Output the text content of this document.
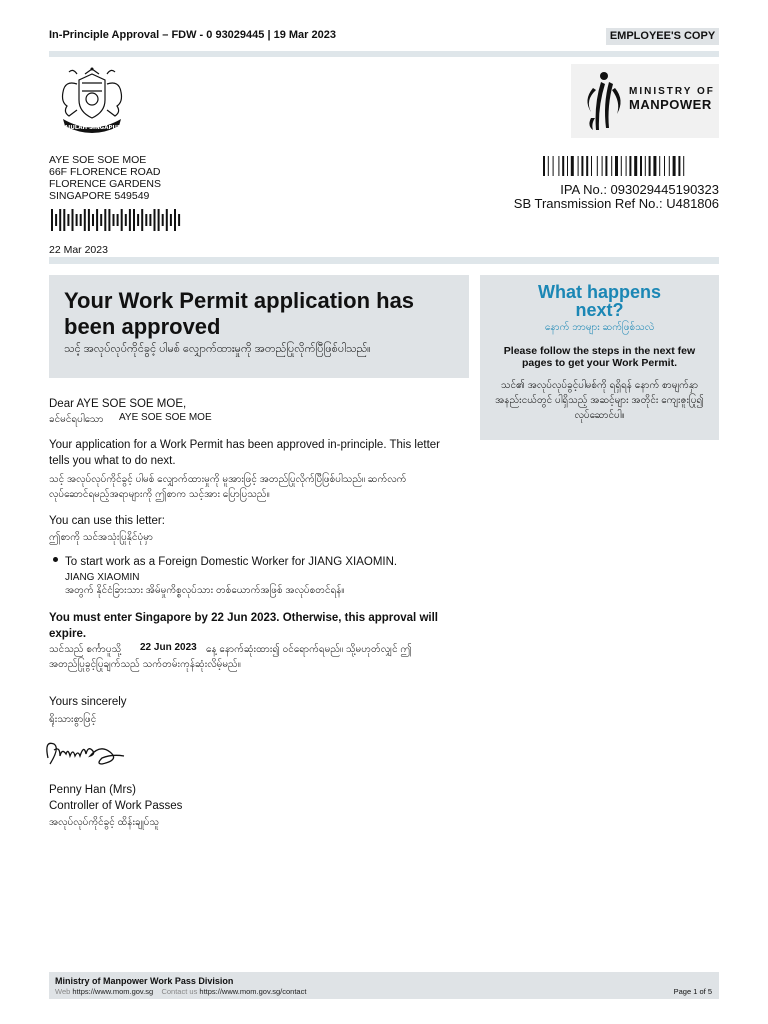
In-Principle Approval – FDW - 0 93029445 | 19 Mar 2023	EMPLOYEE'S COPY
MAJULAH SINGAPURA
MINISTRY OF
MANPOWER
AYE SOE SOE MOE
66F FLORENCE ROAD
FLORENCE GARDENS
SINGAPORE 549549
22 Mar 2023
IPA No.: 093029445190323
SB Transmission Ref No.: U481806
Your Work Permit application has been approved
သင့် အလုပ်လုပ်ကိုင်ခွင့် ပါမစ် လျှောက်ထားမှုကို အတည်ပြုလိုက်ပြီဖြစ်ပါသည်။
What happens next?
နောက် ဘာများ ဆက်ဖြစ်သလဲ
Please follow the steps in the next few pages to get your Work Permit.
သင်၏ အလုပ်လုပ်ခွင့်ပါမစ်ကို ရရှိရန် နောက် စာမျက်နှာအနည်းငယ်တွင် ပါရှိသည့် အဆင့်များ အတိုင်း ကျေးဇူးပြု၍ လုပ်ဆောင်ပါ။
Dear AYE SOE SOE MOE,
ခင်မင်ရပါသော AYE SOE SOE MOE
Your application for a Work Permit has been approved in-principle. This letter tells you what to do next.
သင့် အလုပ်လုပ်ကိုင်ခွင့် ပါမစ် လျှောက်ထားမှုကို မူအားဖြင့် အတည်ပြုလိုက်ပြီဖြစ်ပါသည်။ ဆက်လက် လုပ်ဆောင်ရမည့်အရာများကို ဤစာက သင့်အား ပြောပြသည်။
You can use this letter:
ဤစာကို သင်အသုံးပြုနိုင်ပုံမှာ
To start work as a Foreign Domestic Worker for JIANG XIAOMIN.
JIANG XIAOMIN
အတွက် နိုင်ငံခြားသား အိမ်မှုကိစ္စလုပ်သား တစ်ယောက်အဖြစ် အလုပ်စတင်ရန်။
You must enter Singapore by 22 Jun 2023. Otherwise, this approval will expire.
သင်သည် စင်္ကာပူသို့ 22 Jun 2023 နေ့ နောက်ဆုံးထား၍ ဝင်ရောက်ရမည်။ သို့မဟုတ်လျှင် ဤ
အတည်ပြုခွင့်ပြုချက်သည် သက်တမ်းကုန်ဆုံးလိမ့်မည်။
Yours sincerely
ရိုးသားစွာဖြင့်
Penny Han (Mrs)
Controller of Work Passes
အလုပ်လုပ်ကိုင်ခွင့် ထိန်းချုပ်သူ
Ministry of Manpower Work Pass Division
Web https://www.mom.gov.sg Contact us https://www.mom.gov.sg/contact	Page 1 of 5
